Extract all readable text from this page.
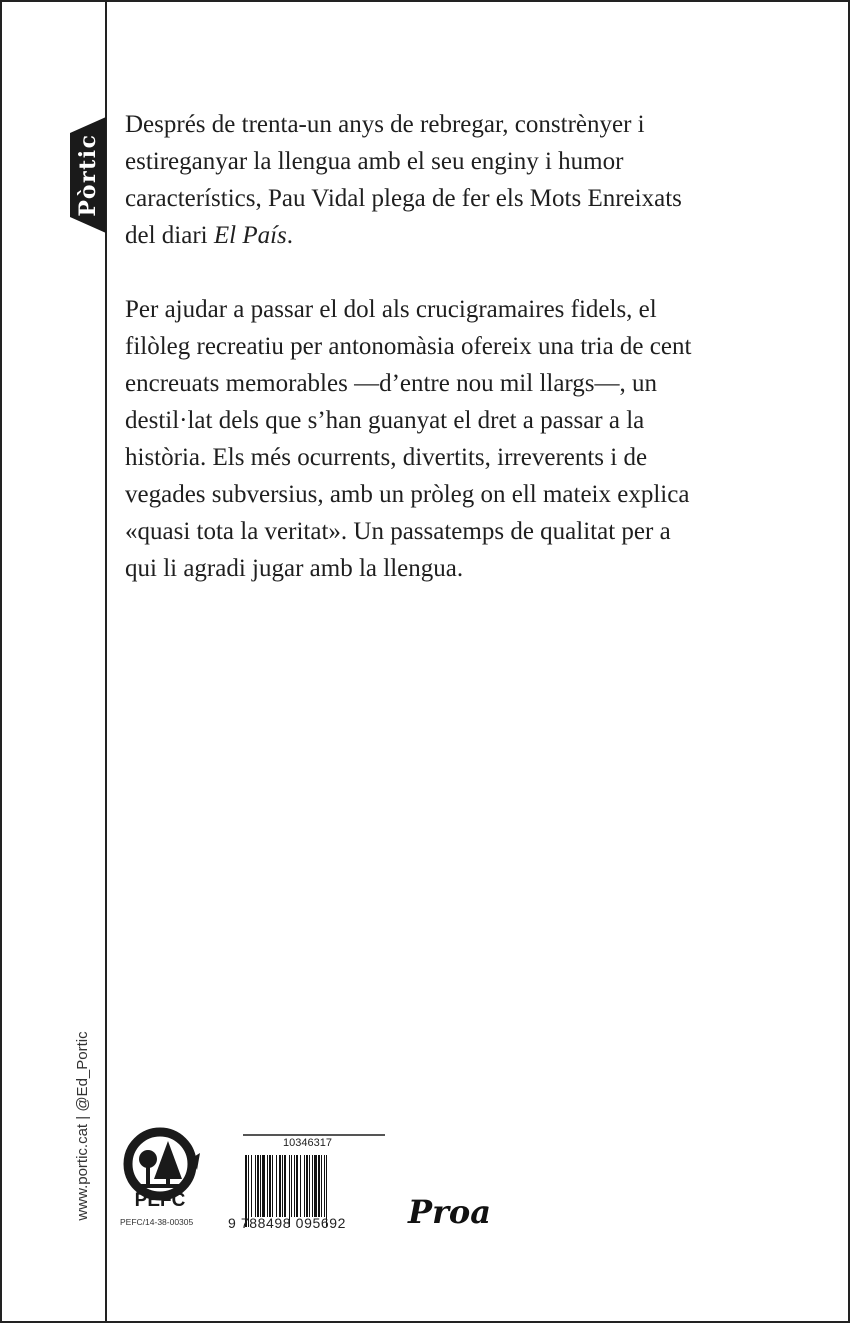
Pòrtic

Després de trenta-un anys de rebregar, constrènyer i estireganyar la llengua amb el seu enginy i humor característics, Pau Vidal plega de fer els Mots Enreixats del diari El País.

Per ajudar a passar el dol als crucigramaires fidels, el filòleg recreatiu per antonomàsia ofereix una tria de cent encreuats memorables —d’entre nou mil llargs—, un destil·lat dels que s’han guanyat el dret a passar a la història. Els més ocurrents, divertits, irreverents i de vegades subversius, amb un pròleg on ell mateix explica «quasi tota la veritat». Un passatemps de qualitat per a qui li agradi jugar amb la llengua.

www.portic.cat | @Ed_Portic	PEFC
PEFC/14-38-00305
10346317
9 788498 095692	Proa
